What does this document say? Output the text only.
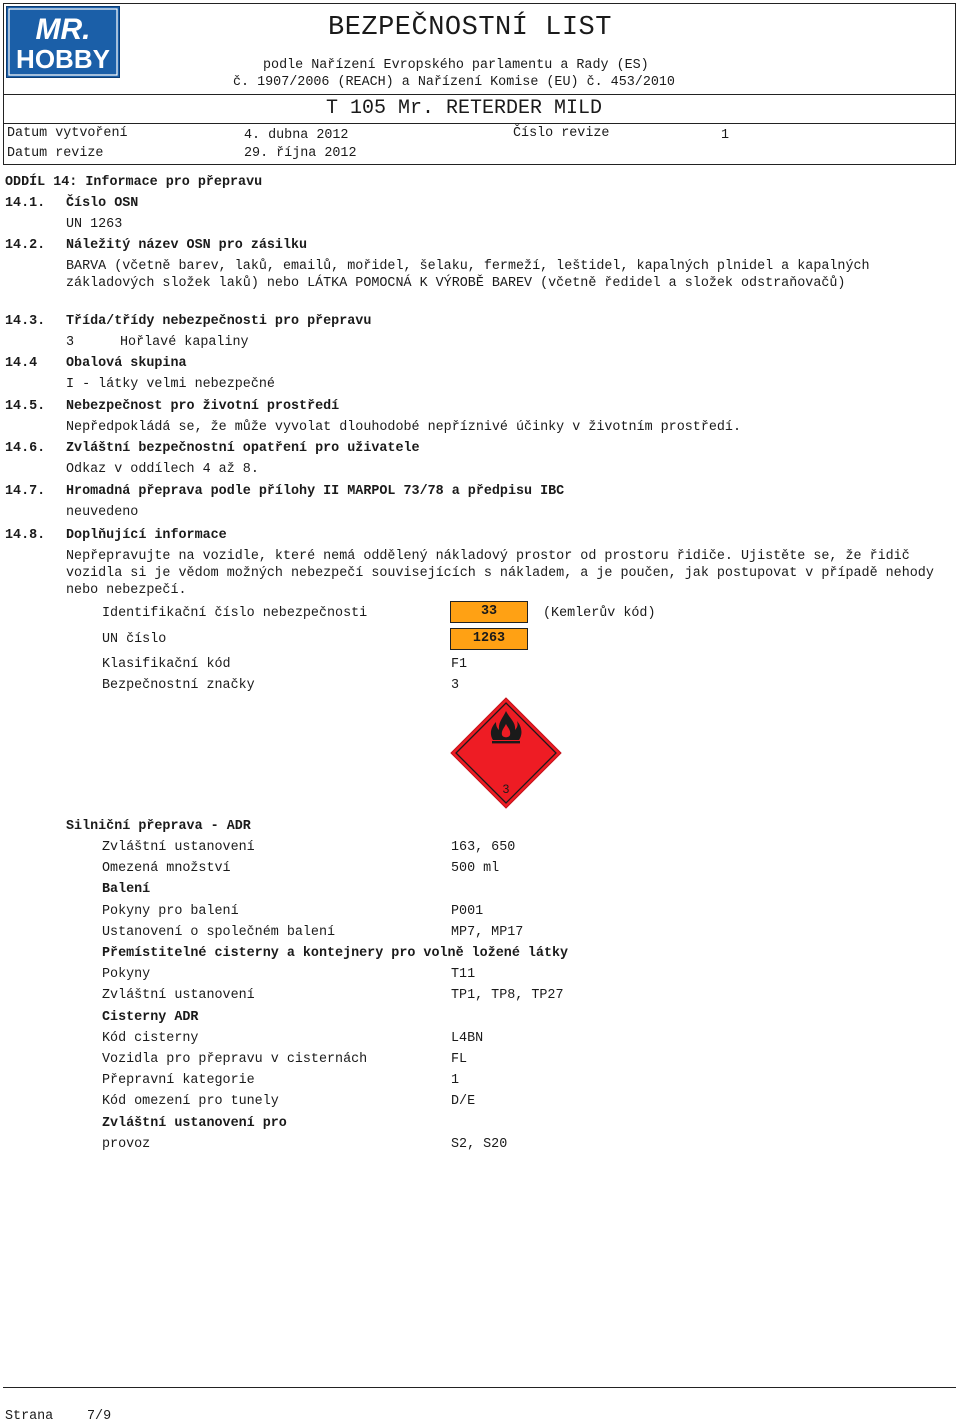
MR.
HOBBY
BEZPEČNOSTNÍ LIST
podle Nařízení Evropského parlamentu a Rady (ES)
č. 1907/2006 (REACH) a Nařízení Komise (EU) č. 453/2010
T 105 Mr. RETERDER MILD
Datum vytvoření	4. dubna 2012	Číslo revize	1
Datum revize	29. října 2012
ODDÍL 14: Informace pro přepravu
14.1. Číslo OSN
UN 1263
14.2. Náležitý název OSN pro zásilku
BARVA (včetně barev, laků, emailů, mořidel, šelaku, fermeží, leštidel, kapalných plnidel a kapalných základových složek laků) nebo LÁTKA POMOCNÁ K VÝROBĚ BAREV (včetně ředidel a složek odstraňovačů)
14.3. Třída/třídy nebezpečnosti pro přepravu
3	Hořlavé kapaliny
14.4 Obalová skupina
I - látky velmi nebezpečné
14.5. Nebezpečnost pro životní prostředí
Nepředpokládá se, že může vyvolat dlouhodobé nepříznivé účinky v životním prostředí.
14.6. Zvláštní bezpečnostní opatření pro uživatele
Odkaz v oddílech 4 až 8.
14.7. Hromadná přeprava podle přílohy II MARPOL 73/78 a předpisu IBC
neuvedeno
14.8. Doplňující informace
Nepřepravujte na vozidle, které nemá oddělený nákladový prostor od prostoru řidiče. Ujistěte se, že řidič vozidla si je vědom možných nebezpečí souvisejících s nákladem, a je poučen, jak postupovat v případě nehody nebo nebezpečí.
Identifikační číslo nebezpečnosti	33	(Kemlerův kód)
UN číslo	1263
Klasifikační kód	F1
Bezpečnostní značky	3
3
Silniční přeprava - ADR
Zvláštní ustanovení	163, 650
Omezená množství	500 ml
Balení
Pokyny pro balení	P001
Ustanovení o společném balení	MP7, MP17
Přemístitelné cisterny a kontejnery pro volně ložené látky
Pokyny	T11
Zvláštní ustanovení	TP1, TP8, TP27
Cisterny ADR
Kód cisterny	L4BN
Vozidla pro přepravu v cisternách	FL
Přepravní kategorie	1
Kód omezení pro tunely	D/E
Zvláštní ustanovení pro
provoz	S2, S20
Strana	7/9
